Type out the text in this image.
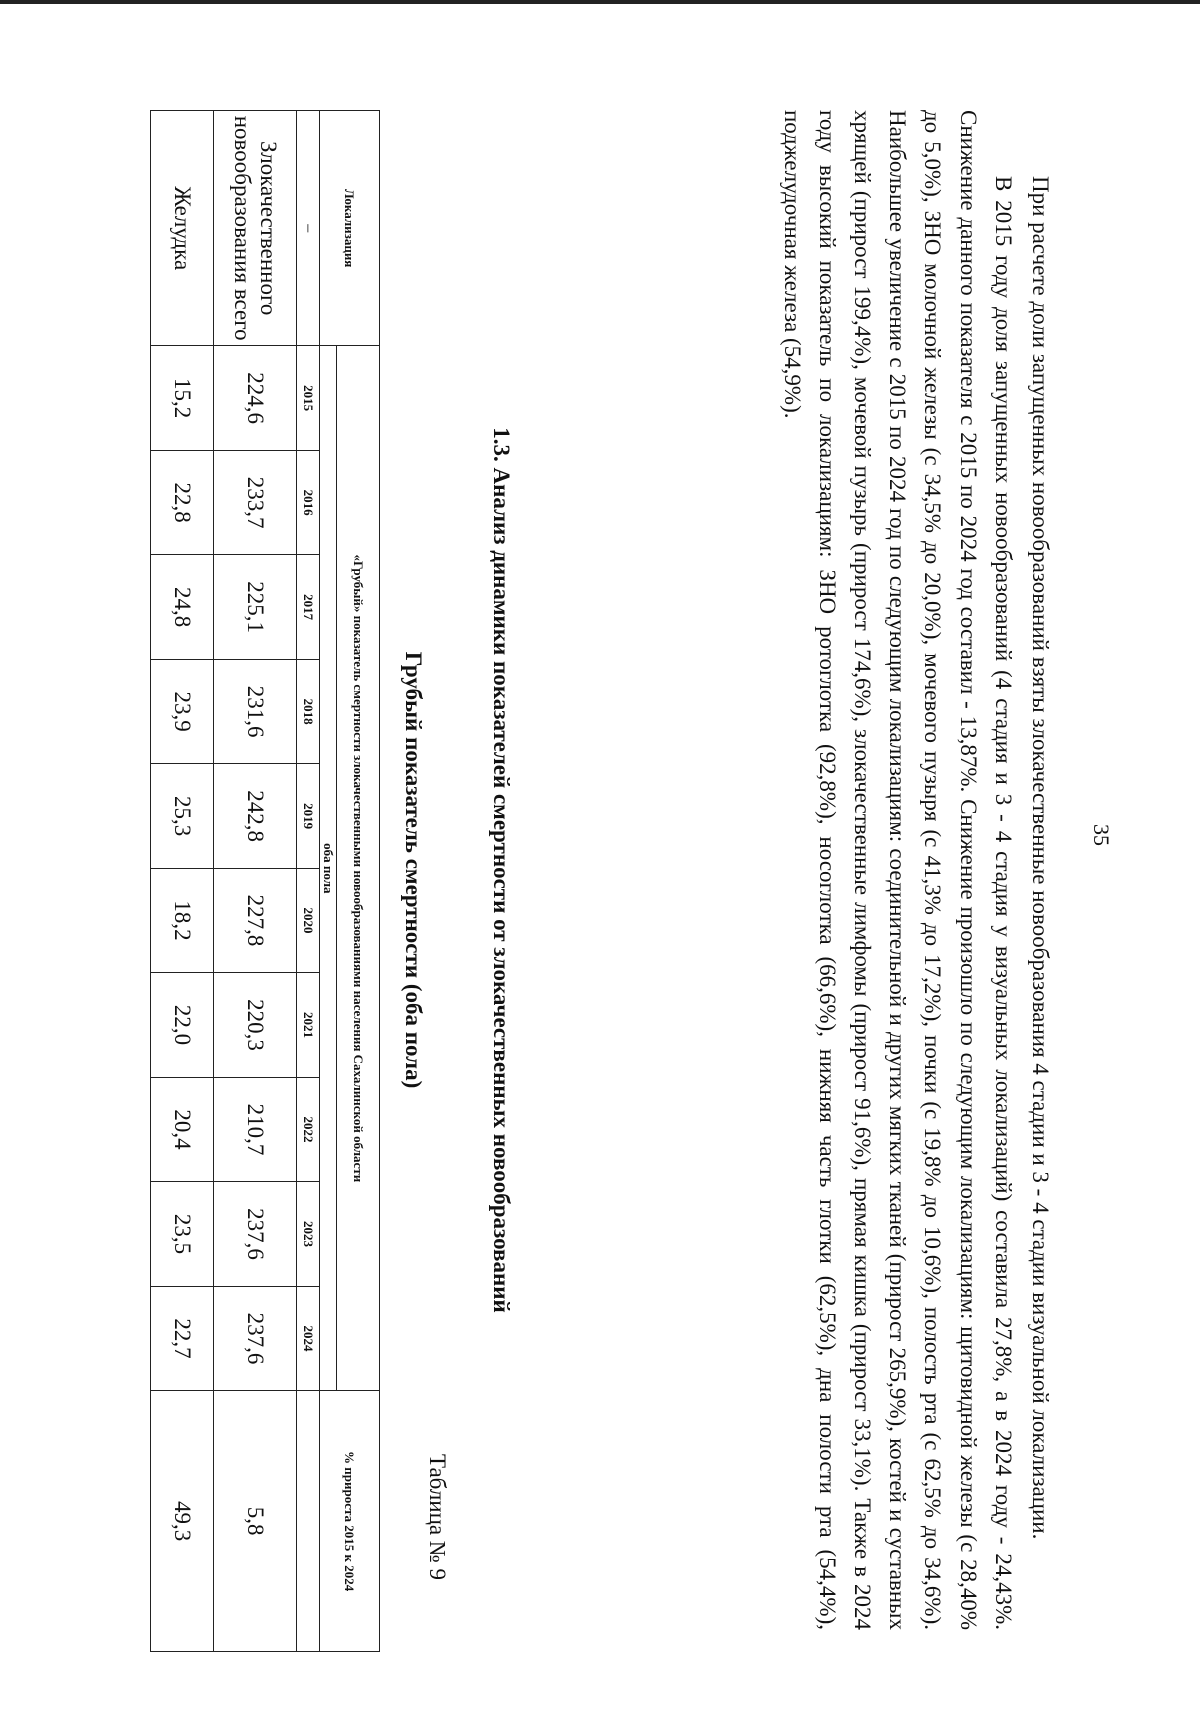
35

При расчете доли запущенных новообразований взяты злокачественные новообразования 4 стадии и 3 - 4 стадии визуальной локализации.

В 2015 году доля запущенных новообразований (4 стадия и 3 - 4 стадия у визуальных локализаций) составила 27,8%, а в 2024 году - 24,43%. Снижение данного показателя с 2015 по 2024 год составил - 13,87%. Снижение произошло по следующим локализациям: щитовидной железы (с 28,40% до 5,0%), ЗНО молочной железы (с 34,5% до 20,0%), мочевого пузыря (с 41,3% до 17,2%), почки (с 19,8% до 10,6%), полость рта (с 62,5% до 34,6%). Наибольшее увеличение с 2015 по 2024 год по следующим локализациям: соединительной и других мягких тканей (прирост 265,9%), костей и суставных хрящей (прирост 199,4%), мочевой пузырь (прирост 174,6%), злокачественные лимфомы (прирост 91,6%), прямая кишка (прирост 33,1%). Также в 2024 году высокий показатель по локализациям: ЗНО ротоглотка (92,8%), носоглотка (66,6%), нижняя часть глотки (62,5%), дна полости рта (54,4%), поджелудочная железа (54,9%).

1.3. Анализ динамики показателей смертности от злокачественных новообразований
Таблица № 9
Грубый показатель смертности (оба пола)
Локализация	«Грубый» показатель смертности злокачественными новообразованиями населения Сахалинской области										% прироста 2015 к 2024
	оба пола										
–	2015	2016	2017	2018	2019	2020	2021	2022	2023	2024	
Злокачественного новообразования всего	224,6	233,7	225,1	231,6	242,8	227,8	220,3	210,7	237,6	237,6	5,8
Желудка	15,2	22,8	24,8	23,9	25,3	18,2	22,0	20,4	23,5	22,7	49,3
